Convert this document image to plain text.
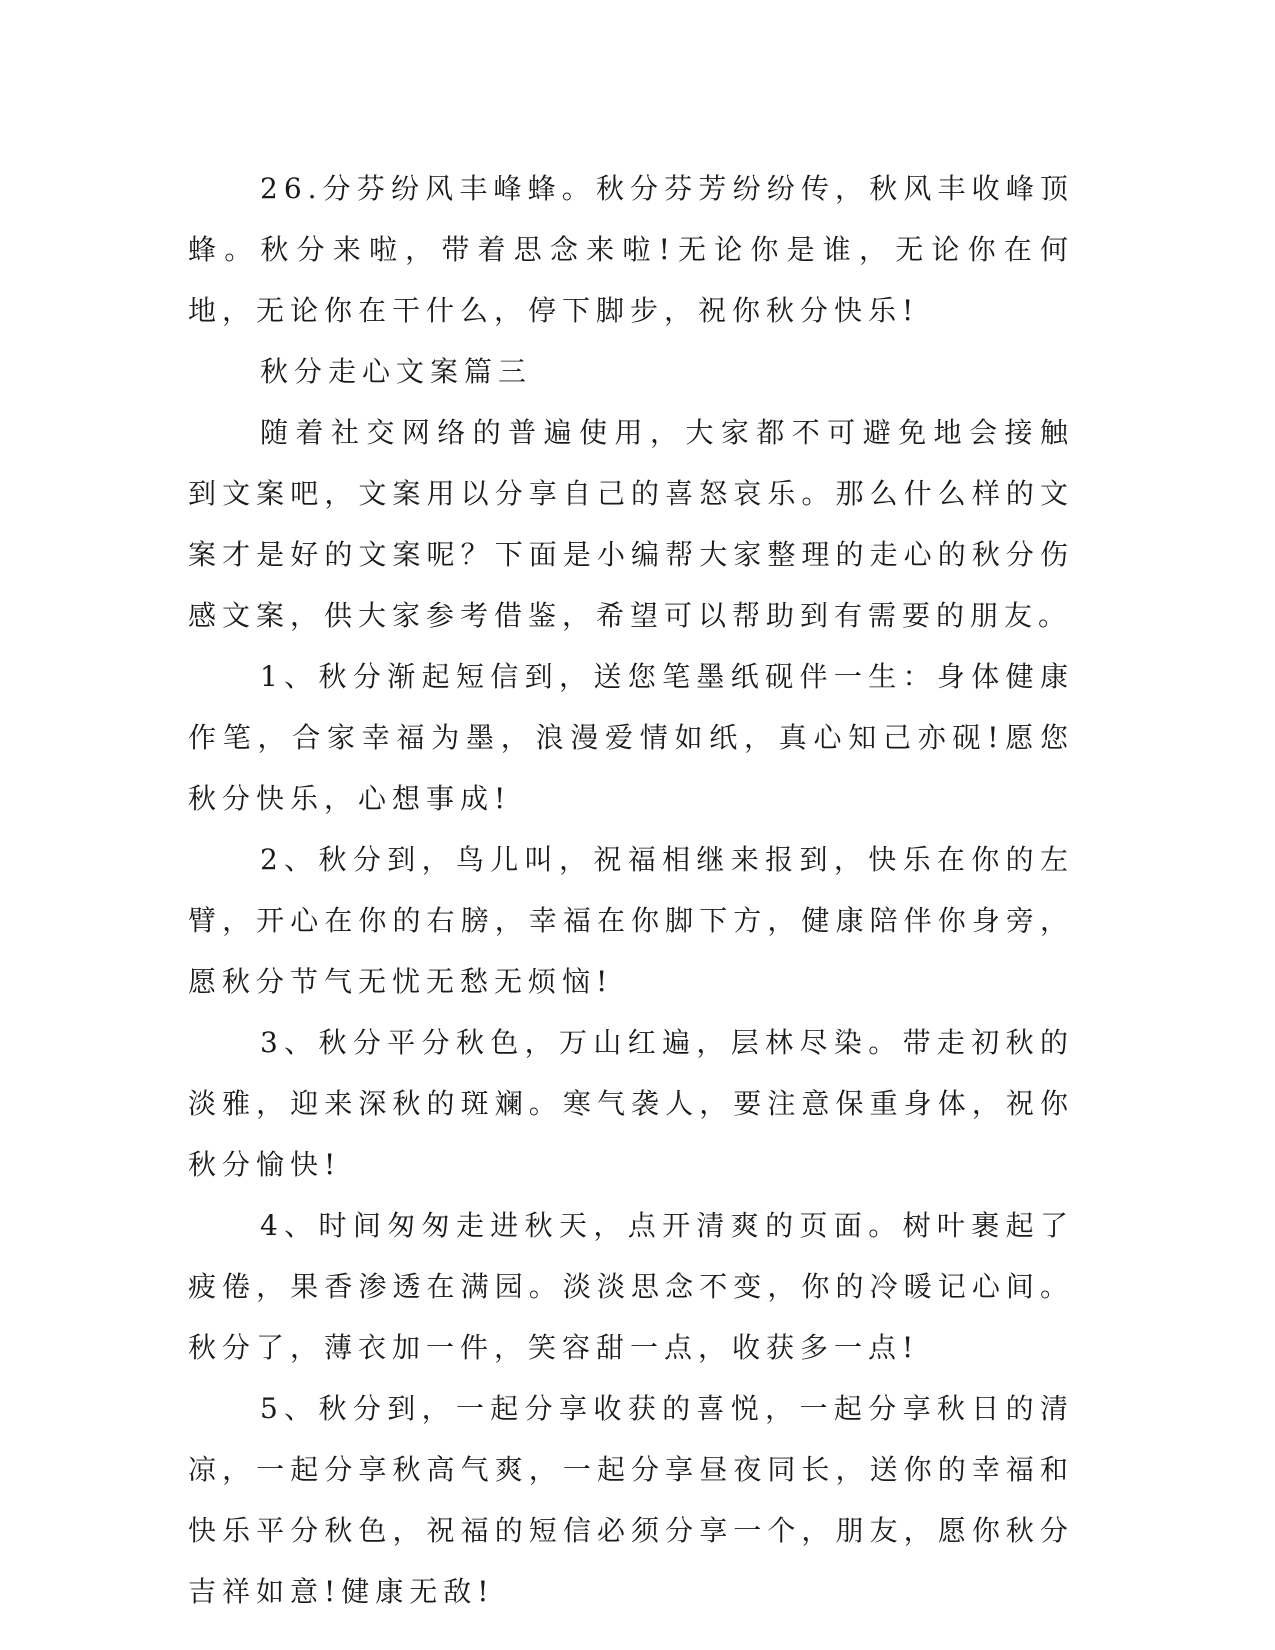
26.分芬纷风丰峰蜂。秋分芬芳纷纷传，秋风丰收峰顶蜂。秋分来啦，带着思念来啦!无论你是谁，无论你在何地，无论你在干什么，停下脚步，祝你秋分快乐!

秋分走心文案篇三

随着社交网络的普遍使用，大家都不可避免地会接触到文案吧，文案用以分享自己的喜怒哀乐。那么什么样的文案才是好的文案呢？下面是小编帮大家整理的走心的秋分伤感文案，供大家参考借鉴，希望可以帮助到有需要的朋友。

1、秋分渐起短信到，送您笔墨纸砚伴一生：身体健康作笔，合家幸福为墨，浪漫爱情如纸，真心知己亦砚!愿您秋分快乐，心想事成!

2、秋分到，鸟儿叫，祝福相继来报到，快乐在你的左臂，开心在你的右膀，幸福在你脚下方，健康陪伴你身旁，愿秋分节气无忧无愁无烦恼!

3、秋分平分秋色，万山红遍，层林尽染。带走初秋的淡雅，迎来深秋的斑斓。寒气袭人，要注意保重身体，祝你秋分愉快!

4、时间匆匆走进秋天，点开清爽的页面。树叶裹起了疲倦，果香渗透在满园。淡淡思念不变，你的冷暖记心间。秋分了，薄衣加一件，笑容甜一点，收获多一点!

5、秋分到，一起分享收获的喜悦，一起分享秋日的清凉，一起分享秋高气爽，一起分享昼夜同长，送你的幸福和快乐平分秋色，祝福的短信必须分享一个，朋友，愿你秋分吉祥如意!健康无敌!
